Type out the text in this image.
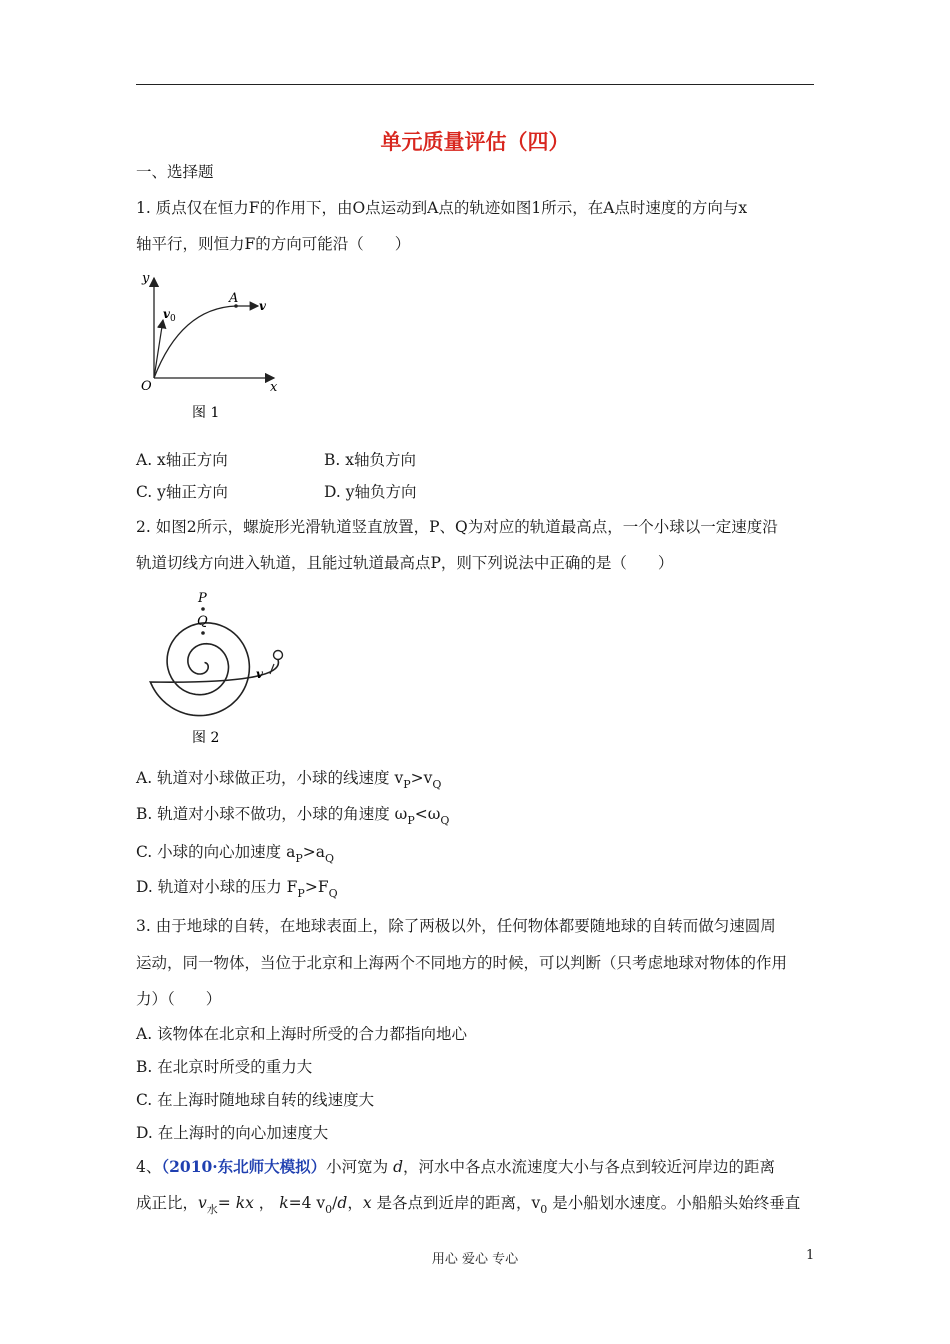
单元质量评估（四）
一、选择题
1. 质点仅在恒力F的作用下，由O点运动到A点的轨迹如图1所示，在A点时速度的方向与x
轴平行，则恒力F的方向可能沿（　　）
y
x
O
v 0
A v
图 1
A. x轴正方向	B. x轴负方向
C. y轴正方向	D. y轴负方向
2. 如图2所示，螺旋形光滑轨道竖直放置，P、Q为对应的轨道最高点，一个小球以一定速度沿
轨道切线方向进入轨道，且能过轨道最高点P，则下列说法中正确的是（　　）
P
Q
v
图 2
A. 轨道对小球做正功，小球的线速度 $v_P>v_Q$
B. 轨道对小球不做功，小球的角速度 $\omega_P<\omega_Q$
C. 小球的向心加速度 $a_P>a_Q$
D. 轨道对小球的压力 $F_P>F_Q$
3. 由于地球的自转，在地球表面上，除了两极以外，任何物体都要随地球的自转而做匀速圆周
运动，同一物体，当位于北京和上海两个不同地方的时候，可以判断（只考虑地球对物体的作用
力）（　　）
A. 该物体在北京和上海时所受的合力都指向地心
B. 在北京时所受的重力大
C. 在上海时随地球自转的线速度大
D. 在上海时的向心加速度大
4、（2010·东北师大模拟）小河宽为 d，河水中各点水流速度大小与各点到较近河岸边的距离
成正比，$v_水=$ kx ， k=4 $v_0/d$，x 是各点到近岸的距离，$v_0$ 是小船划水速度。小船船头始终垂直
用心 爱心 专心	1
